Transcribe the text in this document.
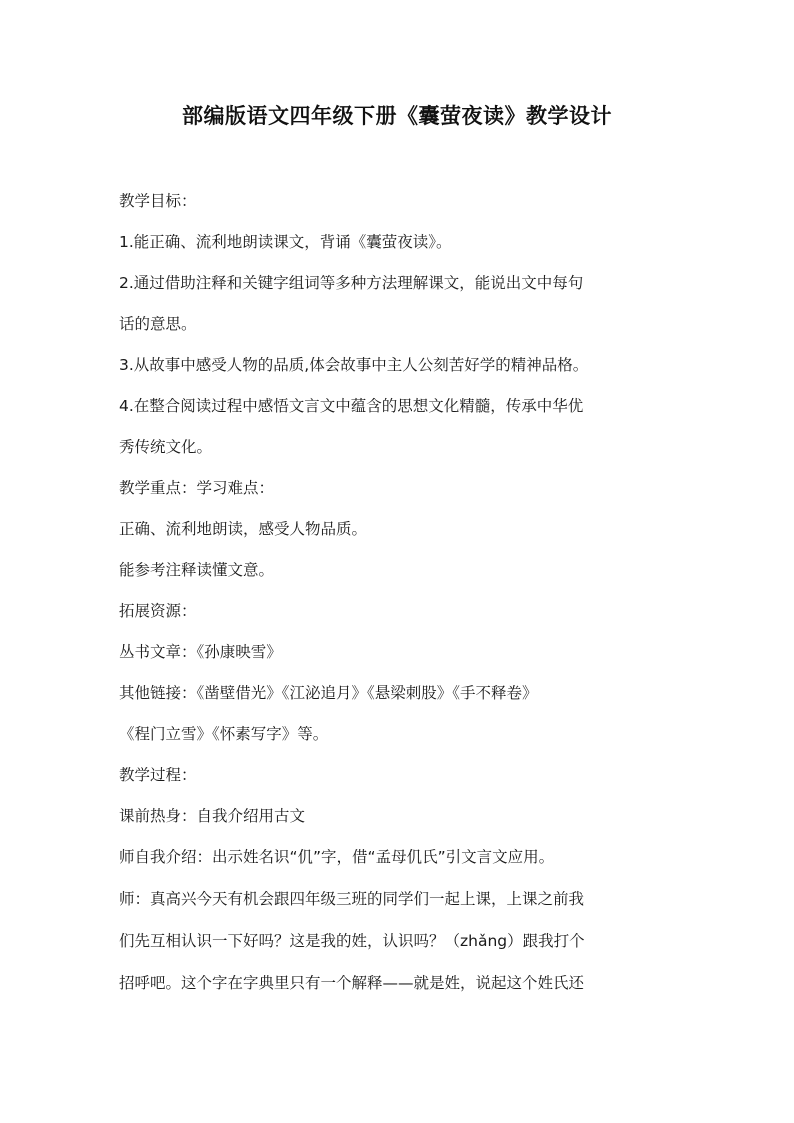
部编版语文四年级下册《囊萤夜读》教学设计
教学目标：
1.能正确、流利地朗读课文，背诵《囊萤夜读》。
2.通过借助注释和关键字组词等多种方法理解课文，能说出文中每句
话的意思。
3.从故事中感受人物的品质,体会故事中主人公刻苦好学的精神品格。
4.在整合阅读过程中感悟文言文中蕴含的思想文化精髓，传承中华优
秀传统文化。
教学重点：学习难点：
正确、流利地朗读，感受人物品质。
能参考注释读懂文意。
拓展资源：
丛书文章：《孙康映雪》
其他链接：《凿壁借光》《江泌追月》《悬梁刺股》《手不释卷》
《程门立雪》《怀素写字》等。
教学过程：
课前热身：自我介绍用古文
师自我介绍：出示姓名识“仉”字，借“孟母仉氏”引文言文应用。
师：真高兴今天有机会跟四年级三班的同学们一起上课，上课之前我
们先互相认识一下好吗？这是我的姓，认识吗？（zhǎng）跟我打个
招呼吧。这个字在字典里只有一个解释——就是姓，说起这个姓氏还
